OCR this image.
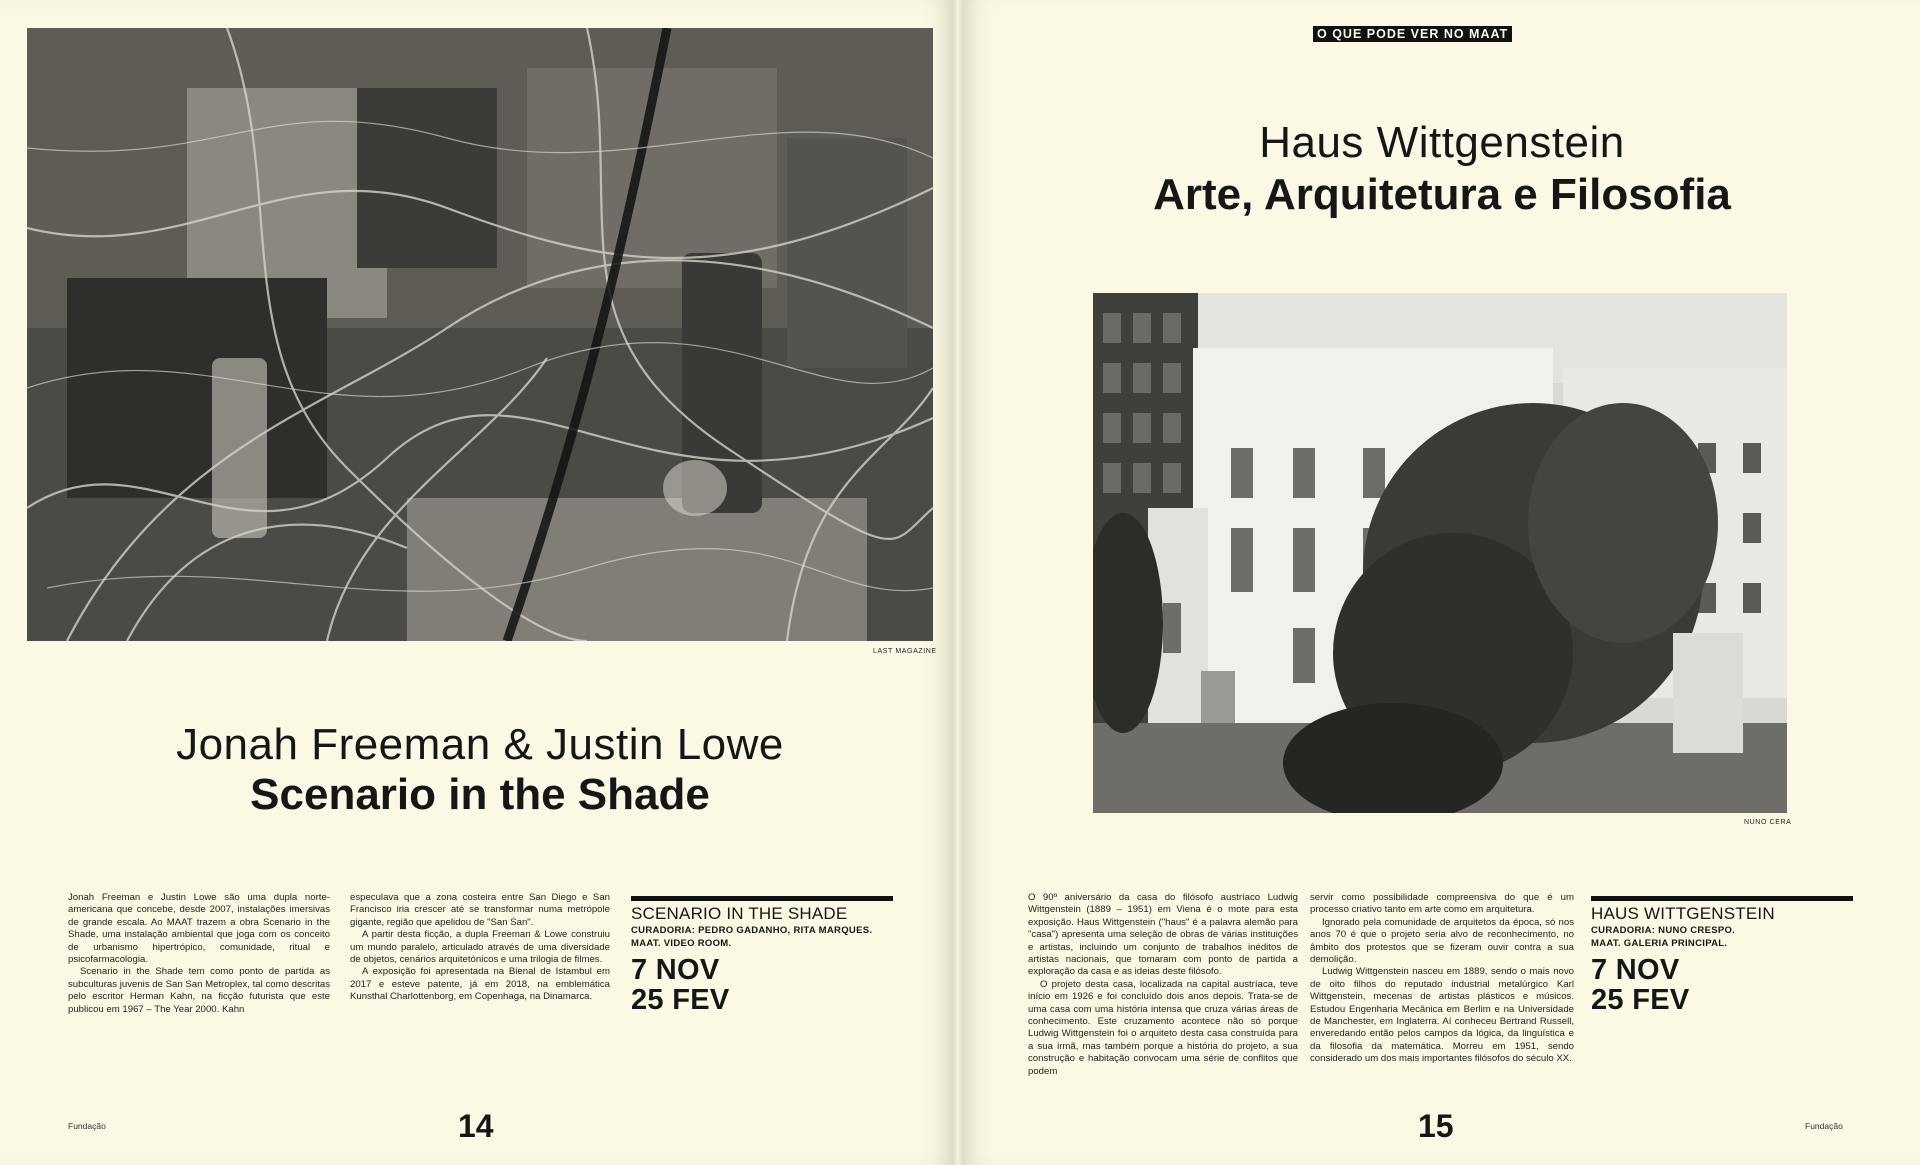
LAST MAGAZINE
Jonah Freeman & Justin Lowe
Scenario in the Shade

Jonah Freeman e Justin Lowe são uma dupla norte-americana que concebe, desde 2007, instalações imersivas de grande escala. Ao MAAT trazem a obra Scenario in the Shade, uma instalação ambiental que joga com os conceito de urbanismo hipertrópico, comunidade, ritual e psicofarmacologia.

Scenario in the Shade tem como ponto de partida as subculturas juvenis de San San Metroplex, tal como descritas pelo escritor Herman Kahn, na ficção futurista que este publicou em 1967 – The Year 2000. Kahn

especulava que a zona costeira entre San Diego e San Francisco iria crescer até se transformar numa metrópole gigante, região que apelidou de "San San".

A partir desta ficção, a dupla Freeman & Lowe construiu um mundo paralelo, articulado através de uma diversidade de objetos, cenários arquitetónicos e uma trilogia de filmes.

A exposição foi apresentada na Bienal de Istambul em 2017 e esteve patente, já em 2018, na emblemática Kunsthal Charlottenborg, em Copenhaga, na Dinamarca.

SCENARIO IN THE SHADE
CURADORIA: PEDRO GADANHO, RITA MARQUES.
MAAT. VIDEO ROOM.
7 NOV
25 FEV
Fundação	14
O QUE PODE VER NO MAAT
Haus Wittgenstein
Arte, Arquitetura e Filosofia
NUNO CERA

O 90º aniversário da casa do filósofo austríaco Ludwig Wittgenstein (1889 – 1951) em Viena é o mote para esta exposição. Haus Wittgenstein ("haus" é a palavra alemão para "casa") apresenta uma seleção de obras de várias instituições e artistas, incluindo um conjunto de trabalhos inéditos de artistas nacionais, que tomaram com ponto de partida a exploração da casa e as ideias deste filósofo.

O projeto desta casa, localizada na capital austríaca, teve início em 1926 e foi concluído dois anos depois. Trata-se de uma casa com uma história intensa que cruza várias áreas de conhecimento. Este cruzamento acontece não só porque Ludwig Wittgenstein foi o arquiteto desta casa construída para a sua irmã, mas também porque a história do projeto, a sua construção e habitação convocam uma série de conflitos que podem

servir como possibilidade compreensiva do que é um processo criativo tanto em arte como em arquitetura.

Ignorado pela comunidade de arquitetos da época, só nos anos 70 é que o projeto seria alvo de reconhecimento, no âmbito dos protestos que se fizeram ouvir contra a sua demolição.

Ludwig Wittgenstein nasceu em 1889, sendo o mais novo de oito filhos do reputado industrial metalúrgico Karl Wittgenstein, mecenas de artistas plásticos e músicos. Estudou Engenharia Mecânica em Berlim e na Universidade de Manchester, em Inglaterra. Aí conheceu Bertrand Russell, enveredando então pelos campos da lógica, da linguística e da filosofia da matemática. Morreu em 1951, sendo considerado um dos mais importantes filósofos do século XX.

HAUS WITTGENSTEIN
CURADORIA: NUNO CRESPO.
MAAT. GALERIA PRINCIPAL.
7 NOV
25 FEV
15	Fundação
